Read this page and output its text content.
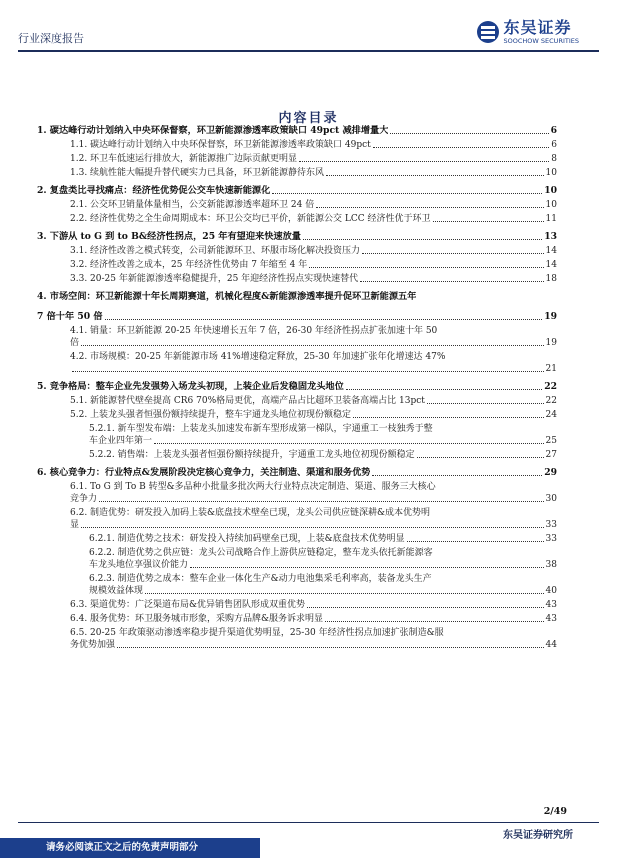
行业深度报告
东吴证券
SOOCHOW SECURITIES
内容目录
1. 碳达峰行动计划纳入中央环保督察，环卫新能源渗透率政策缺口 49pct 减排增量大	6
1.1. 碳达峰行动计划纳入中央环保督察，环卫新能源渗透率政策缺口 49pct	6
1.2. 环卫车低速运行排放大，新能源推广边际贡献更明显	8
1.3. 续航性能大幅提升替代硬实力已具备，环卫新能源静待东风	10
2. 复盘类比寻找痛点：经济性优势促公交车快速新能源化	10
2.1. 公交环卫销量体量相当，公交新能源渗透率超环卫 24 倍	10
2.2. 经济性优势之全生命周期成本：环卫公交均已平价，新能源公交 LCC 经济性优于环卫	11
3. 下游从 to G 到 to B&经济性拐点，25 年有望迎来快速放量	13
3.1. 经济性改善之模式转变，公司新能源环卫、环服市场化解决投资压力	14
3.2. 经济性改善之成本，25 年经济性优势由 7 年缩至 4 年	14
3.3. 20-25 年新能源渗透率稳健提升，25 年迎经济性拐点实现快速替代	18
4. 市场空间：环卫新能源十年长周期赛道，机械化程度&新能源渗透率提升促环卫新能源五年
7 倍十年 50 倍	19
4.1. 销量：环卫新能源 20-25 年快速增长五年 7 倍，26-30 年经济性拐点扩张加速十年 50
倍	19
4.2. 市场规模：20-25 年新能源市场 41%增速稳定释放，25-30 年加速扩张年化增速达 47%
21
5. 竞争格局：整车企业先发强势入场龙头初现，上装企业后发稳固龙头地位	22
5.1. 新能源替代壁垒提高 CR6 70%格局更优，高端产品占比超环卫装备高端占比 13pct	22
5.2. 上装龙头强者恒强份额持续提升，整车宇通龙头地位初现份额稳定	24
5.2.1. 新车型发布端：上装龙头加速发布新车型形成第一梯队，宇通重工一枝独秀于整
车企业四年第一	25
5.2.2. 销售端：上装龙头强者恒强份额持续提升，宇通重工龙头地位初现份额稳定	27
6. 核心竞争力：行业特点&发展阶段决定核心竞争力，关注制造、渠道和服务优势	29
6.1. To G 到 To B 转型&多品种小批量多批次两大行业特点决定制造、渠道、服务三大核心
竞争力	30
6.2. 制造优势：研发投入加码上装&底盘技术壁垒已现，龙头公司供应链深耕&成本优势明
显	33
6.2.1. 制造优势之技术：研发投入持续加码壁垒已现，上装&底盘技术优势明显	33
6.2.2. 制造优势之供应链：龙头公司战略合作上游供应链稳定，整车龙头依托新能源客
车龙头地位享强议价能力	38
6.2.3. 制造优势之成本：整车企业一体化生产&动力电池集采毛利率高，装备龙头生产
规模效益体现	40
6.3. 渠道优势：广泛渠道布局&优异销售团队形成双重优势	43
6.4. 服务优势：环卫服务城市形象，采购方品牌&服务诉求明显	43
6.5. 20-25 年政策驱动渗透率稳步提升渠道优势明显，25-30 年经济性拐点加速扩张制造&服
务优势加强	44
2/49
请务必阅读正文之后的免责声明部分
东吴证券研究所
